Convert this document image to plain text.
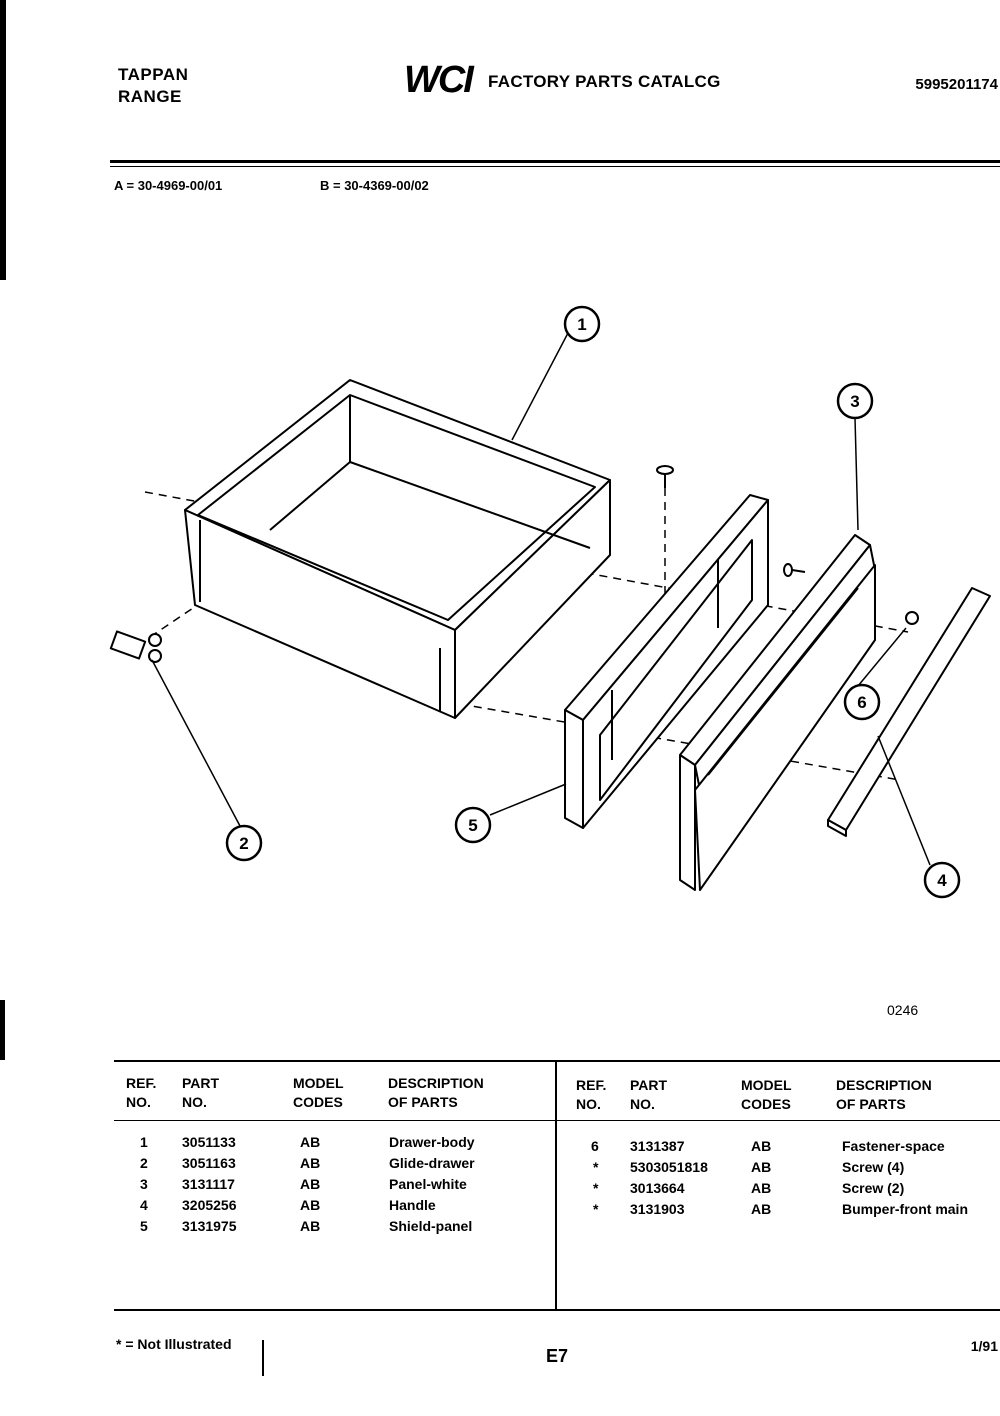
TAPPAN
RANGE	WCI FACTORY PARTS CATALCG	5995201174
A = 30-4969-00/01	B = 30-4369-00/02
1
2
3
4
5
6
0246
REF.
NO.
PART
NO.
MODEL
CODES
DESCRIPTION
OF PARTS
REF.
NO.
PART
NO.
MODEL
CODES
DESCRIPTION
OF PARTS
1 3051133	AB	Drawer-body
2 3051163	AB	Glide-drawer
3 3131117	AB	Panel-white
4 3205256	AB	Handle
5 3131975	AB	Shield-panel
6 3131387	AB	Fastener-space
* 5303051818	AB	Screw (4)
* 3013664	AB	Screw (2)
* 3131903	AB	Bumper-front main
* = Not Illustrated
E7	1/91
